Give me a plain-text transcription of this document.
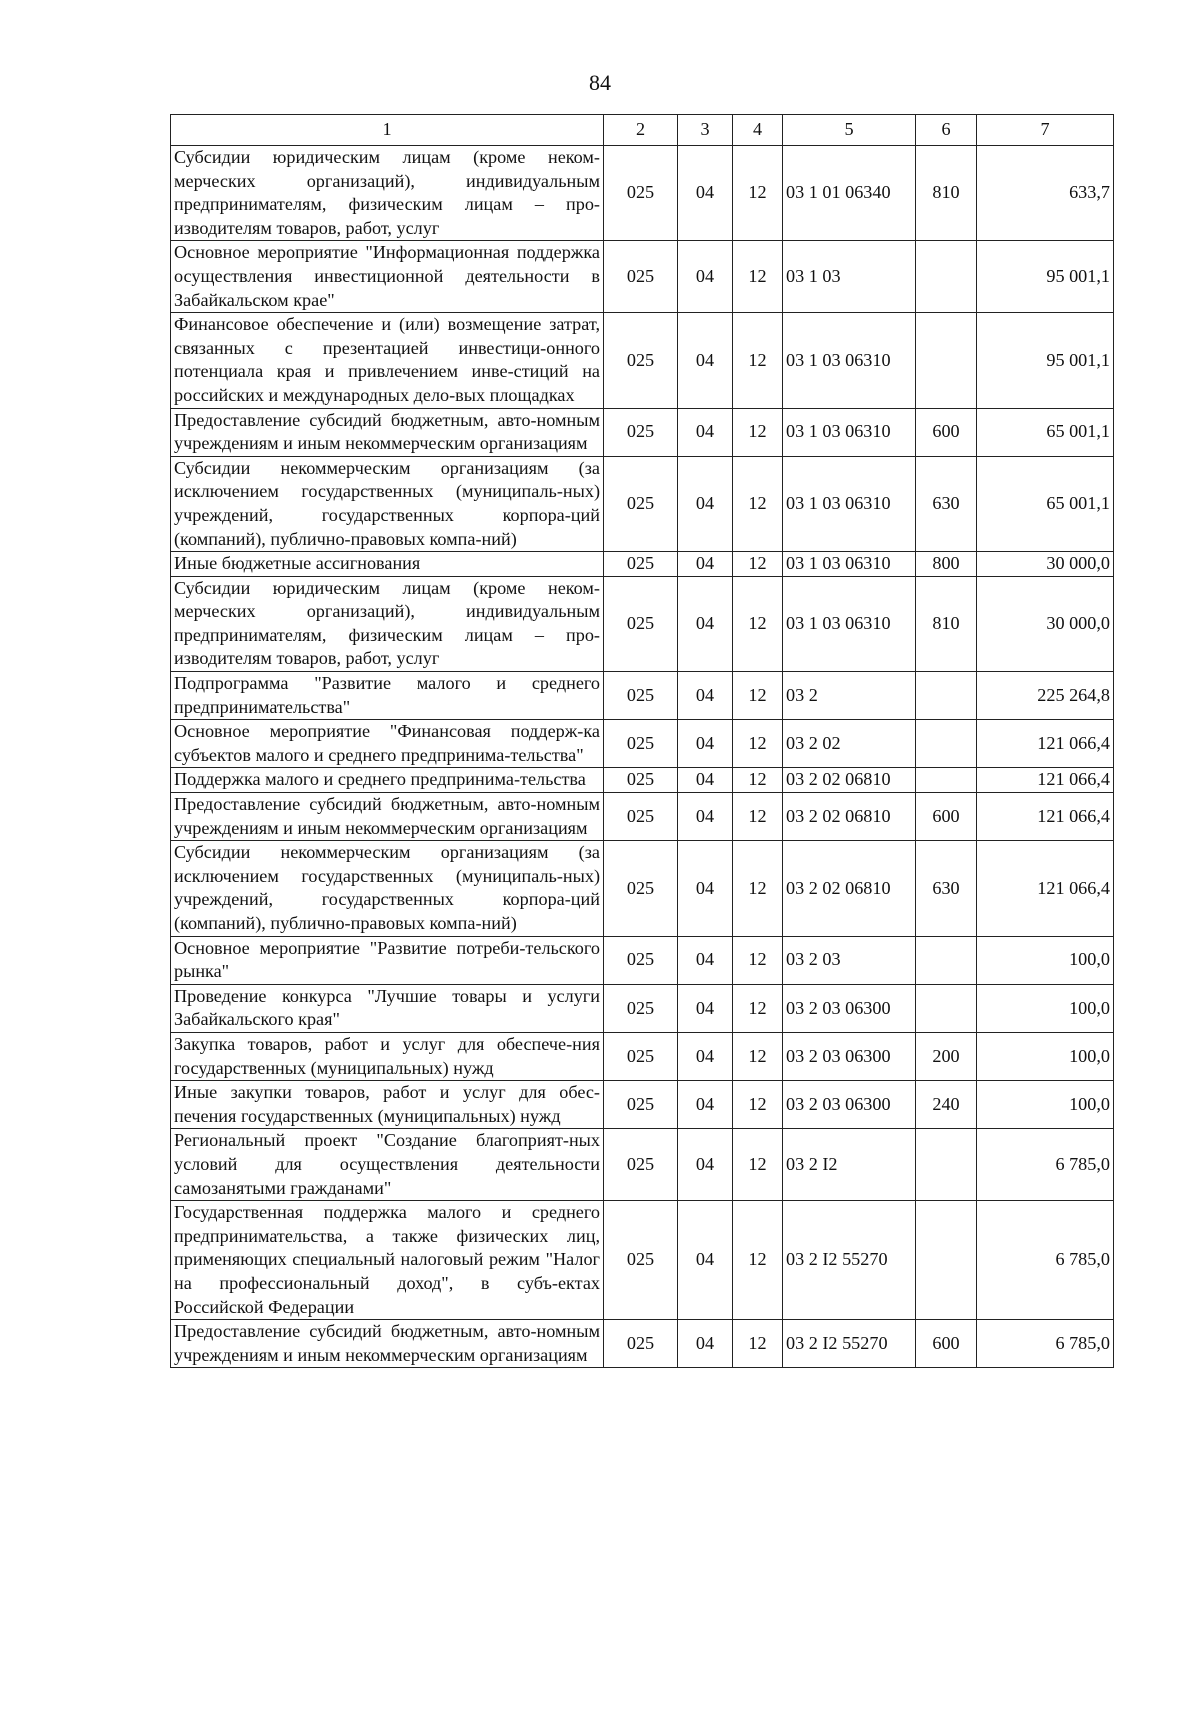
84
1	2	3	4	5	6	7
Субсидии юридическим лицам (кроме неком-мерческих организаций), индивидуальным предпринимателям, физическим лицам – про-изводителям товаров, работ, услуг	025	04	12	03 1 01 06340	810	633,7
Основное мероприятие "Информационная поддержка осуществления инвестиционной деятельности в Забайкальском крае"	025	04	12	03 1 03		95 001,1
Финансовое обеспечение и (или) возмещение затрат, связанных с презентацией инвестици-онного потенциала края и привлечением инве-стиций на российских и международных дело-вых площадках	025	04	12	03 1 03 06310		95 001,1
Предоставление субсидий бюджетным, авто-номным учреждениям и иным некоммерческим организациям	025	04	12	03 1 03 06310	600	65 001,1
Субсидии некоммерческим организациям (за исключением государственных (муниципаль-ных) учреждений, государственных корпора-ций (компаний), публично-правовых компа-ний)	025	04	12	03 1 03 06310	630	65 001,1
Иные бюджетные ассигнования	025	04	12	03 1 03 06310	800	30 000,0
Субсидии юридическим лицам (кроме неком-мерческих организаций), индивидуальным предпринимателям, физическим лицам – про-изводителям товаров, работ, услуг	025	04	12	03 1 03 06310	810	30 000,0
Подпрограмма "Развитие малого и среднего предпринимательства"	025	04	12	03 2		225 264,8
Основное мероприятие "Финансовая поддерж-ка субъектов малого и среднего предпринима-тельства"	025	04	12	03 2 02		121 066,4
Поддержка малого и среднего предпринима-тельства	025	04	12	03 2 02 06810		121 066,4
Предоставление субсидий бюджетным, авто-номным учреждениям и иным некоммерческим организациям	025	04	12	03 2 02 06810	600	121 066,4
Субсидии некоммерческим организациям (за исключением государственных (муниципаль-ных) учреждений, государственных корпора-ций (компаний), публично-правовых компа-ний)	025	04	12	03 2 02 06810	630	121 066,4
Основное мероприятие "Развитие потреби-тельского рынка"	025	04	12	03 2 03		100,0
Проведение конкурса "Лучшие товары и услуги Забайкальского края"	025	04	12	03 2 03 06300		100,0
Закупка товаров, работ и услуг для обеспече-ния государственных (муниципальных) нужд	025	04	12	03 2 03 06300	200	100,0
Иные закупки товаров, работ и услуг для обес-печения государственных (муниципальных) нужд	025	04	12	03 2 03 06300	240	100,0
Региональный проект "Создание благоприят-ных условий для осуществления деятельности самозанятыми гражданами"	025	04	12	03 2 I2		6 785,0
Государственная поддержка малого и среднего предпринимательства, а также физических лиц, применяющих специальный налоговый режим "Налог на профессиональный доход", в субъ-ектах Российской Федерации	025	04	12	03 2 I2 55270		6 785,0
Предоставление субсидий бюджетным, авто-номным учреждениям и иным некоммерческим организациям	025	04	12	03 2 I2 55270	600	6 785,0
